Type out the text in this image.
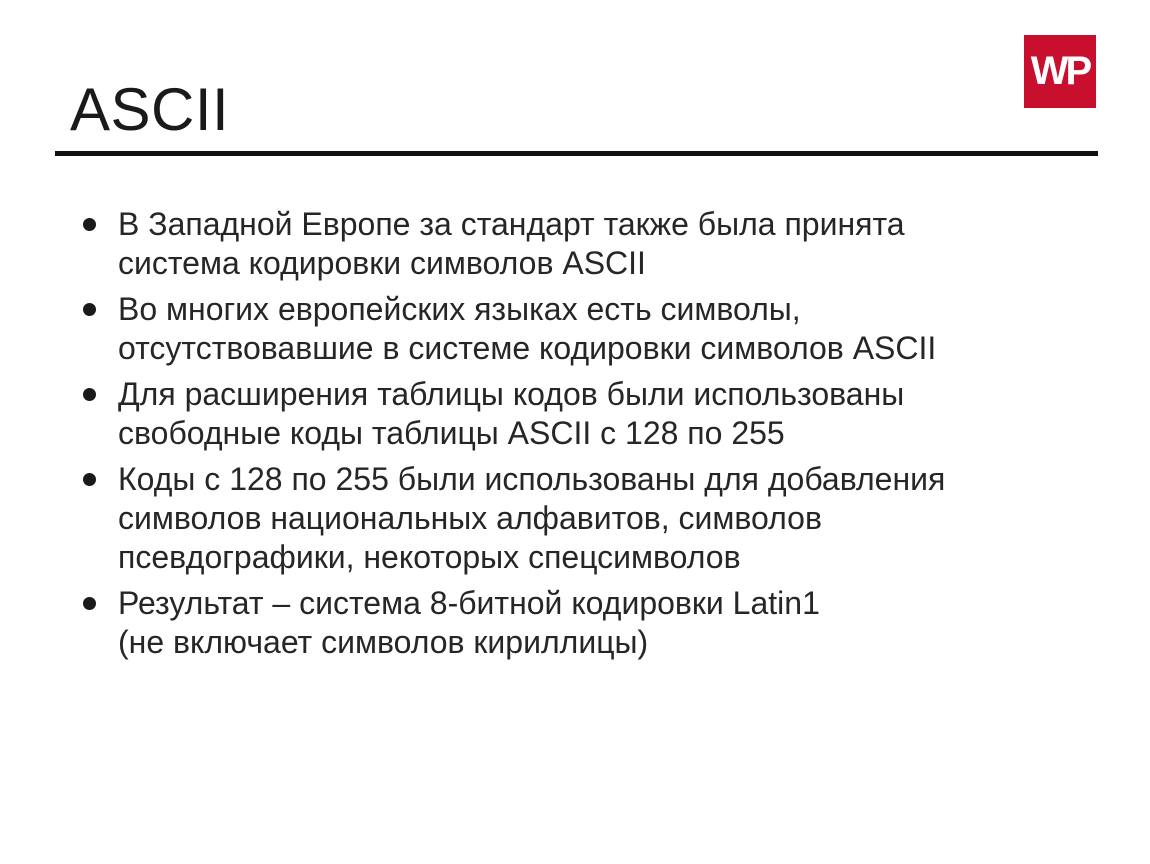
ASCII
WP
В Западной Европе за стандарт также была принята
система кодировки символов ASCII
Во многих европейских языках есть символы,
отсутствовавшие в системе кодировки символов ASCII
Для расширения таблицы кодов были использованы
свободные коды таблицы ASCII с 128 по 255
Коды с 128 по 255 были использованы для добавления
символов национальных алфавитов, символов
псевдографики, некоторых спецсимволов
Результат – система 8-битной кодировки Latin1
(не включает символов кириллицы)
